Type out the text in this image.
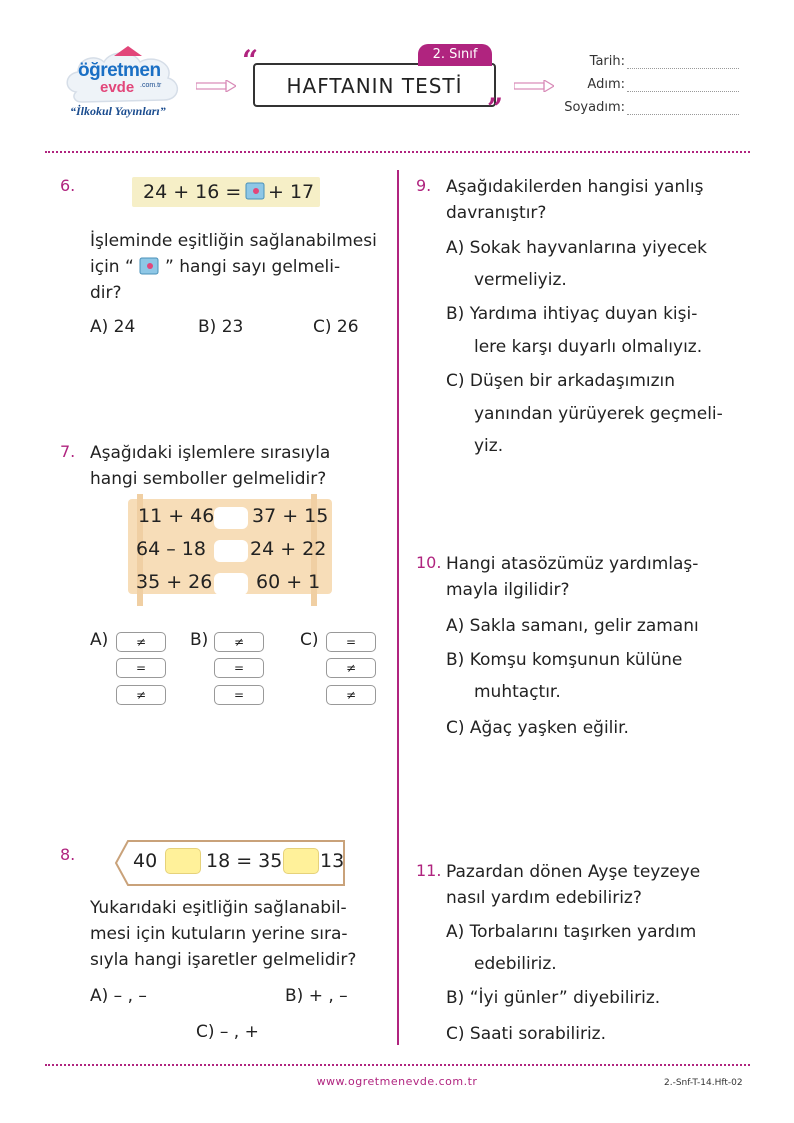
öğretmen
evde .com.tr
“İlkokul Yayınları”
“	2. Sınıf
HAFTANIN TESTİ
”
Tarih:
Adım:
Soyadım:
6.	24 + 16 = + 17
İşleminde eşitliğin sağlanabilmesi
için “ ” hangi sayı gelmeli-
dir?
A) 24	B) 23	C) 26
7. Aşağıdaki işlemlere sırasıyla
hangi semboller gelmelidir?
11 + 46 37 + 15
64 – 18 24 + 22
35 + 26 60 + 1
A)	≠
=
≠
B)	≠
=
=
C)	=
≠
≠
8.	40	18 = 35 13
Yukarıdaki eşitliğin sağlanabil-
mesi için kutuların yerine sıra-
sıyla hangi işaretler gelmelidir?
A) – , –	B) + , –
C) – , +
9. Aşağıdakilerden hangisi yanlış
davranıştır?
A) Sokak hayvanlarına yiyecek
vermeliyiz.
B) Yardıma ihtiyaç duyan kişi-
lere karşı duyarlı olmalıyız.
C) Düşen bir arkadaşımızın
yanından yürüyerek geçmeli-
yiz.
10. Hangi atasözümüz yardımlaş-
mayla ilgilidir?
A) Sakla samanı, gelir zamanı
B) Komşu komşunun külüne
muhtaçtır.
C) Ağaç yaşken eğilir.
11. Pazardan dönen Ayşe teyzeye
nasıl yardım edebiliriz?
A) Torbalarını taşırken yardım
edebiliriz.
B) “İyi günler” diyebiliriz.
C) Saati sorabiliriz.
www.ogretmenevde.com.tr	2.-Snf-T-14.Hft-02
